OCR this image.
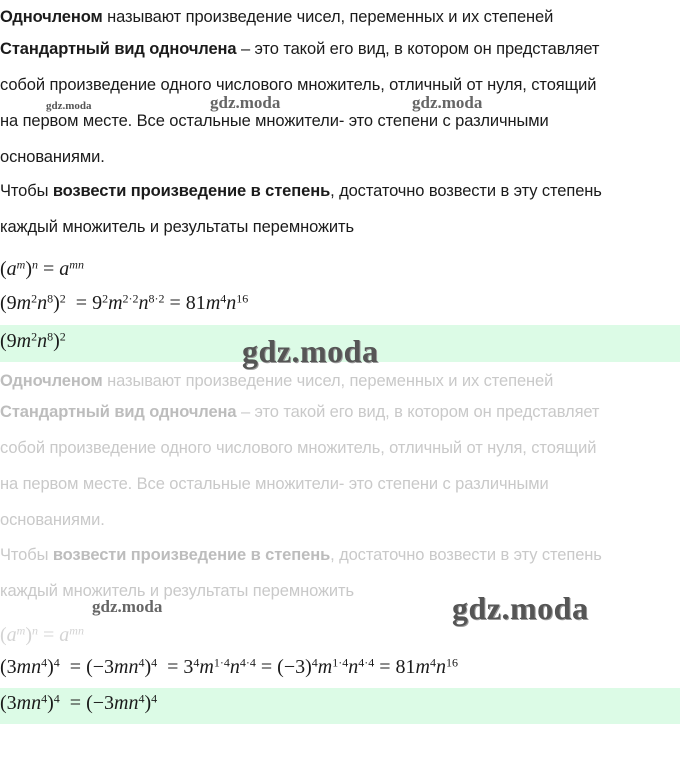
Одночленом называют произведение чисел, переменных и их степеней
Стандартный вид одночлена – это такой его вид, в котором он представляет
собой произведение одного числового множитель, отличный от нуля, стоящий
на первом месте. Все остальные множители- это степени с различными
основаниями.
Чтобы возвести произведение в степень, достаточно возвести в эту степень
каждый множитель и результаты перемножить
gdz.moda	gdz.moda	gdz.moda
$(a^m)^n = a^{mn}$
$(9m^2n^8)^2 = 9^2m^{2\cdot 2}n^{8\cdot 2} = 81m^4n^{16}$
$(9m^2n^8)^2$	gdz.moda
Одночленом называют произведение чисел, переменных и их степеней
Стандартный вид одночлена – это такой его вид, в котором он представляет
собой произведение одного числового множитель, отличный от нуля, стоящий
на первом месте. Все остальные множители- это степени с различными
основаниями.
Чтобы возвести произведение в степень, достаточно возвести в эту степень
каждый множитель и результаты перемножить
gdz.moda	gdz.moda
$(a^m)^n = a^{mn}$
$(3mn^4)^4 = (-3mn^4)^4 = 3^4m^{1\cdot 4}n^{4\cdot 4} = (-3)^4m^{1\cdot 4}n^{4\cdot 4} = 81m^4n^{16}$
$(3mn^4)^4 = (-3mn^4)^4$
